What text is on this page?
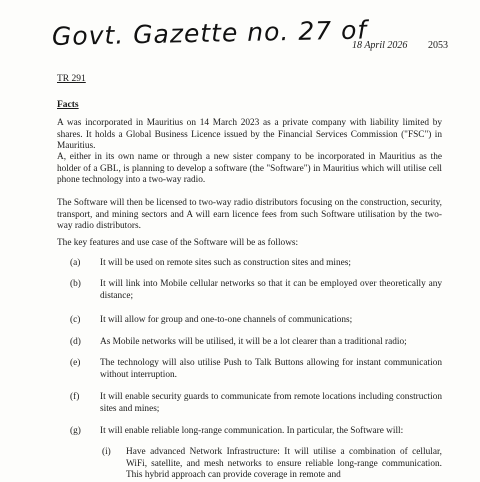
Govt. Gazette no. 27 of
18 April 2026 2053
TR 291
Facts

A was incorporated in Mauritius on 14 March 2023 as a private company with liability limited by shares. It holds a Global Business Licence issued by the Financial Services Commission ("FSC") in Mauritius.

A, either in its own name or through a new sister company to be incorporated in Mauritius as the holder of a GBL, is planning to develop a software (the "Software") in Mauritius which will utilise cell phone technology into a two-way radio.

The Software will then be licensed to two-way radio distributors focusing on the construction, security, transport, and mining sectors and A will earn licence fees from such Software utilisation by the two-way radio distributors.

The key features and use case of the Software will be as follows:

(a)	It will be used on remote sites such as construction sites and mines;

(b)	It will link into Mobile cellular networks so that it can be employed over theoretically any distance;

(c)	It will allow for group and one-to-one channels of communications;

(d)	As Mobile networks will be utilised, it will be a lot clearer than a traditional radio;

(e)	The technology will also utilise Push to Talk Buttons allowing for instant communication without interruption.

(f)	It will enable security guards to communicate from remote locations including construction sites and mines;

(g)	It will enable reliable long-range communication. In particular, the Software will:

(i)	Have advanced Network Infrastructure: It will utilise a combination of cellular, WiFi, satellite, and mesh networks to ensure reliable long-range communication. This hybrid approach can provide coverage in remote and
